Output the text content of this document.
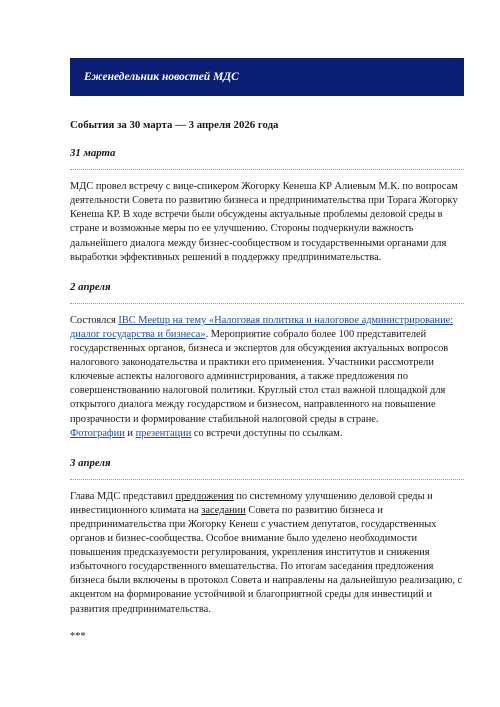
Еженедельник новостей МДС
События за 30 марта — 3 апреля 2026 года
31 марта

МДС провел встречу с вице-спикером Жогорку Кенеша КР Алиевым М.К. по вопросам деятельности Совета по развитию бизнеса и предпринимательства при Торага Жогорку Кенеша КР. В ходе встречи были обсуждены актуальные проблемы деловой среды в стране и возможные меры по ее улучшению. Стороны подчеркнули важность дальнейшего диалога между бизнес-сообществом и государственными органами для выработки эффективных решений в поддержку предпринимательства.

2 апреля

Состоялся IBC Meetup на тему «Налоговая политика и налоговое администрирование: диалог государства и бизнеса». Мероприятие собрало более 100 представителей государственных органов, бизнеса и экспертов для обсуждения актуальных вопросов налогового законодательства и практики его применения. Участники рассмотрели ключевые аспекты налогового администрирования, а также предложения по совершенствованию налоговой политики. Круглый стол стал важной площадкой для открытого диалога между государством и бизнесом, направленного на повышение прозрачности и формирование стабильной налоговой среды в стране.

Фотографии и презентации со встречи доступны по ссылкам.

3 апреля

Глава МДС представил предложения по системному улучшению деловой среды и инвестиционного климата на заседании Совета по развитию бизнеса и предпринимательства при Жогорку Кенеш с участием депутатов, государственных органов и бизнес-сообщества. Особое внимание было уделено необходимости повышения предсказуемости регулирования, укрепления институтов и снижения избыточного государственного вмешательства. По итогам заседания предложения бизнеса были включены в протокол Совета и направлены на дальнейшую реализацию, с акцентом на формирование устойчивой и благоприятной среды для инвестиций и развития предпринимательства.

***
